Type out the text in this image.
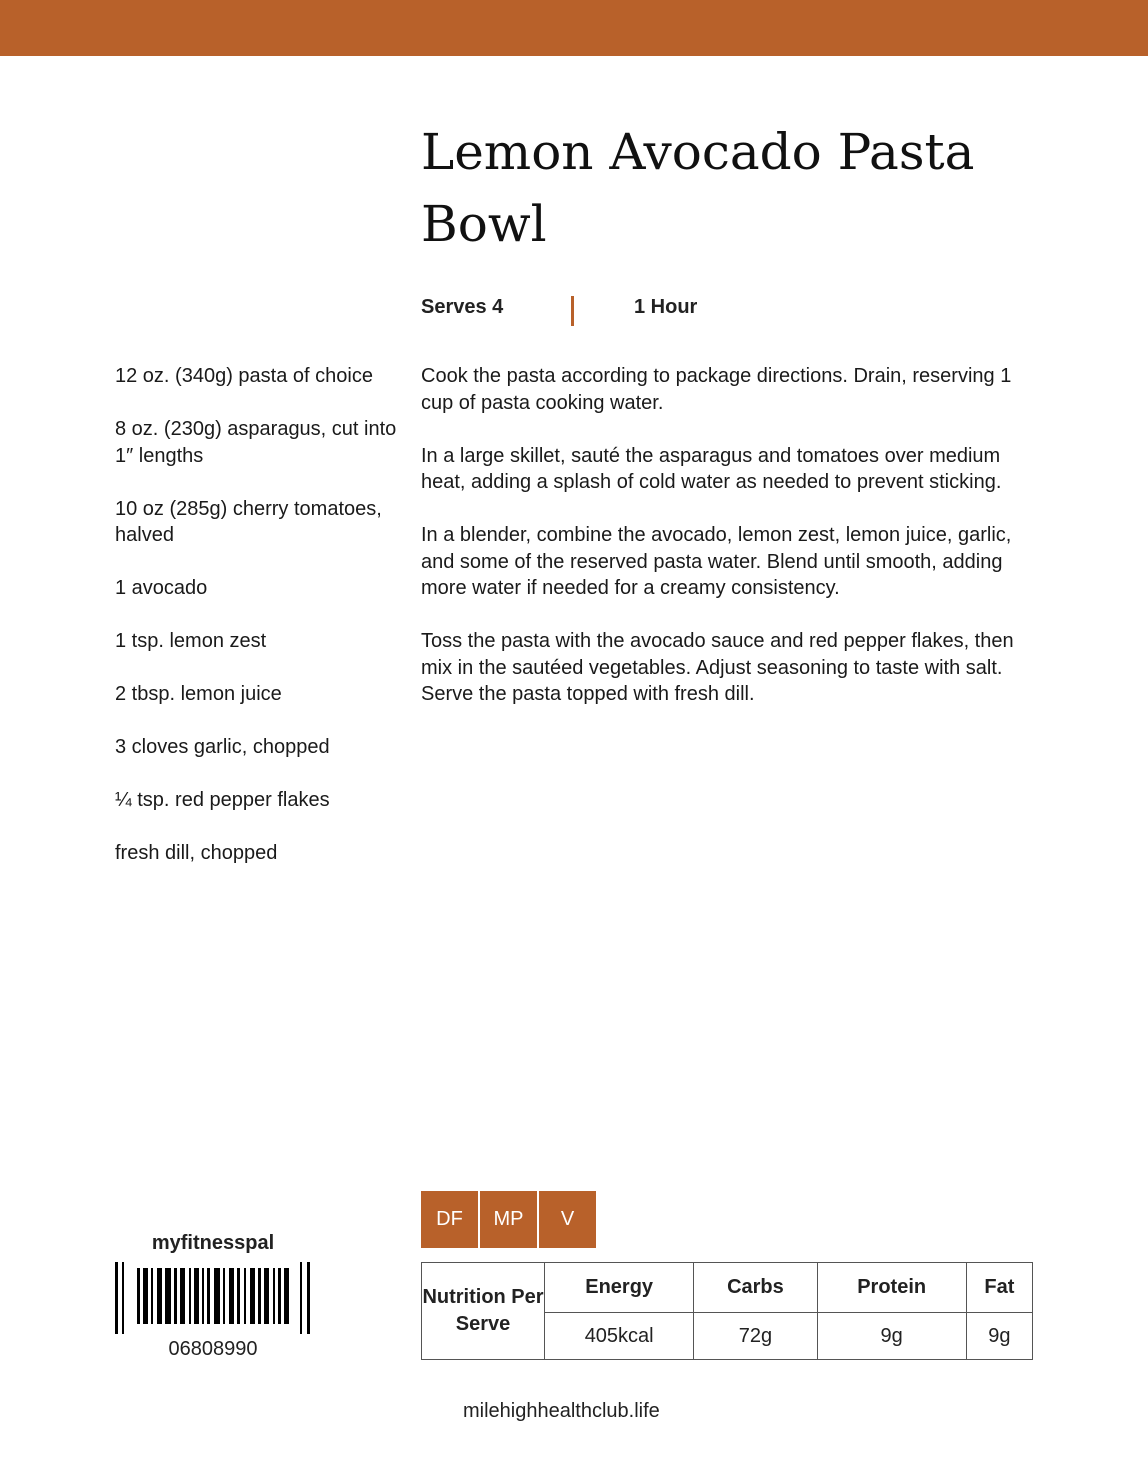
Lemon Avocado Pasta Bowl
Serves 4	1 Hour
12 oz. (340g) pasta of choice
8 oz. (230g) asparagus, cut into 1″ lengths
10 oz (285g) cherry tomatoes, halved
1 avocado
1 tsp. lemon zest
2 tbsp. lemon juice
3 cloves garlic, chopped
¼ tsp. red pepper flakes
fresh dill, chopped

Cook the pasta according to package directions. Drain, reserving 1 cup of pasta cooking water.

In a large skillet, sauté the asparagus and tomatoes over medium heat, adding a splash of cold water as needed to prevent sticking.

In a blender, combine the avocado, lemon zest, lemon juice, garlic, and some of the reserved pasta water. Blend until smooth, adding more water if needed for a creamy consistency.

Toss the pasta with the avocado sauce and red pepper flakes, then mix in the sautéed vegetables. Adjust seasoning to taste with salt. Serve the pasta topped with fresh dill.

DF	MP	V
myfitnesspal
06808990
Nutrition Per Serve	Energy	Carbs	Protein	Fat
	405kcal	72g	9g	9g
milehighhealthclub.life
